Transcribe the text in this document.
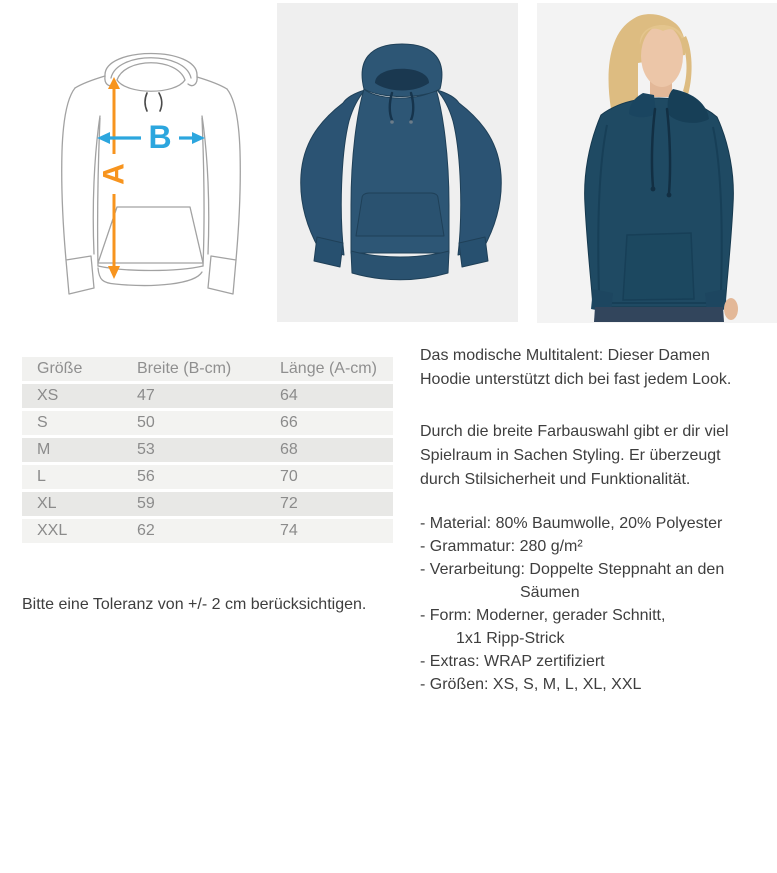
A
B
Größe	Breite (B-cm)	Länge (A-cm)
XS	47	64
S	50	66
M	53	68
L	56	70
XL	59	72
XXL	62	74

Bitte eine Toleranz von +/- 2 cm berücksichtigen.

Das modische Multitalent: Dieser Damen
Hoodie unterstützt dich bei fast jedem Look.
Durch die breite Farbauswahl gibt er dir viel
Spielraum in Sachen Styling. Er überzeugt
durch Stilsicherheit und Funktionalität.
- Material: 80% Baumwolle, 20% Polyester
- Grammatur: 280 g/m²
- Verarbeitung: Doppelte Steppnaht an den
Säumen
- Form: Moderner, gerader Schnitt,
1x1 Ripp-Strick
- Extras: WRAP zertifiziert
- Größen: XS, S, M, L, XL, XXL
